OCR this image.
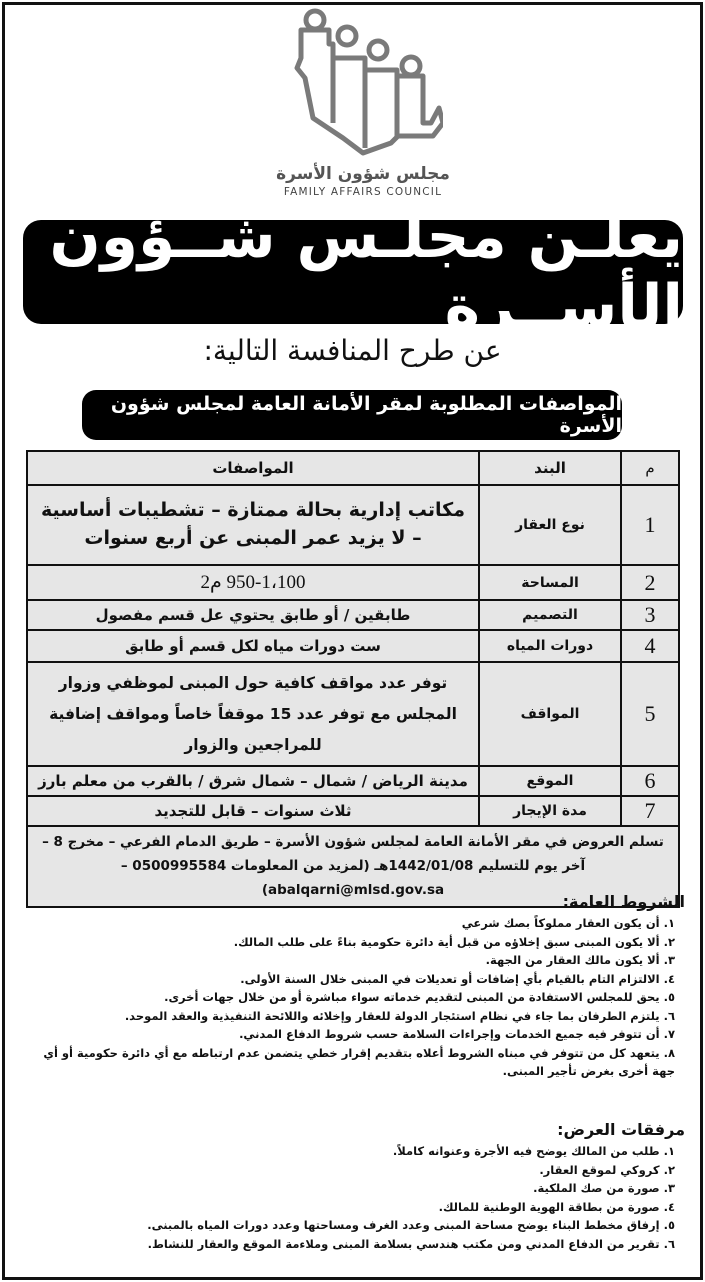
مجلس شؤون الأسرة
FAMILY AFFAIRS COUNCIL
يعلـن مجلـس شــؤون الأســرة
عن طرح المنافسة التالية:
المواصفات المطلوبة لمقر الأمانة العامة لمجلس شؤون الأسرة
م	البند	المواصفات
1	نوع العقار	مكاتب إدارية بحالة ممتازة – تشطيبات أساسية – لا يزيد عمر المبنى عن أربع سنوات
2	المساحة	950-1،100 م2
3	التصميم	طابقين / أو طابق يحتوي عل قسم مفصول
4	دورات المياه	ست دورات مياه لكل قسم أو طابق
5	المواقف	توفر عدد مواقف كافية حول المبنى لموظفي وزوار المجلس مع توفر عدد 15 موقفاً خاصاً ومواقف إضافية للمراجعين والزوار
6	الموقع	مدينة الرياض / شمال – شمال شرق / بالقرب من معلم بارز
7	مدة الإيجار	ثلاث سنوات – قابل للتجديد

تسلم العروض في مقر الأمانة العامة لمجلس شؤون الأسرة – طريق الدمام الفرعي – مخرج 8 –
آخر يوم للتسليم 1442/01/08هـ (لمزيد من المعلومات 0500995584 – abalqarni@mlsd.gov.sa)		
الشروط العامة:
١. أن يكون العقار مملوكاً بصك شرعي
٢. ألا يكون المبنى سبق إخلاؤه من قبل أية دائرة حكومية بناءً على طلب المالك.
٣. ألا يكون مالك العقار من الجهة.
٤. الالتزام التام بالقيام بأي إضافات أو تعديلات في المبنى خلال السنة الأولى.
٥. يحق للمجلس الاستفادة من المبنى لتقديم خدماته سواء مباشرة أو من خلال جهات أخرى.
٦. يلتزم الطرفان بما جاء في نظام استئجار الدولة للعقار وإخلائه واللائحة التنفيذية والعقد الموحد.
٧. أن تتوفر فيه جميع الخدمات وإجراءات السلامة حسب شروط الدفاع المدني.
٨. يتعهد كل من تتوفر في مبناه الشروط أعلاه بتقديم إقرار خطي يتضمن عدم ارتباطه مع أي دائرة حكومية أو أي جهة أخرى بغرض تأجير المبنى.
مرفقات العرض:
١. طلب من المالك يوضح فيه الأجرة وعنوانه كاملاً.
٢. كروكي لموقع العقار.
٣. صورة من صك الملكية.
٤. صورة من بطاقة الهوية الوطنية للمالك.
٥. إرفاق مخطط البناء يوضح مساحة المبنى وعدد الغرف ومساحتها وعدد دورات المياه بالمبنى.
٦. تقرير من الدفاع المدني ومن مكتب هندسي بسلامة المبنى وملاءمة الموقع والعقار للنشاط.
